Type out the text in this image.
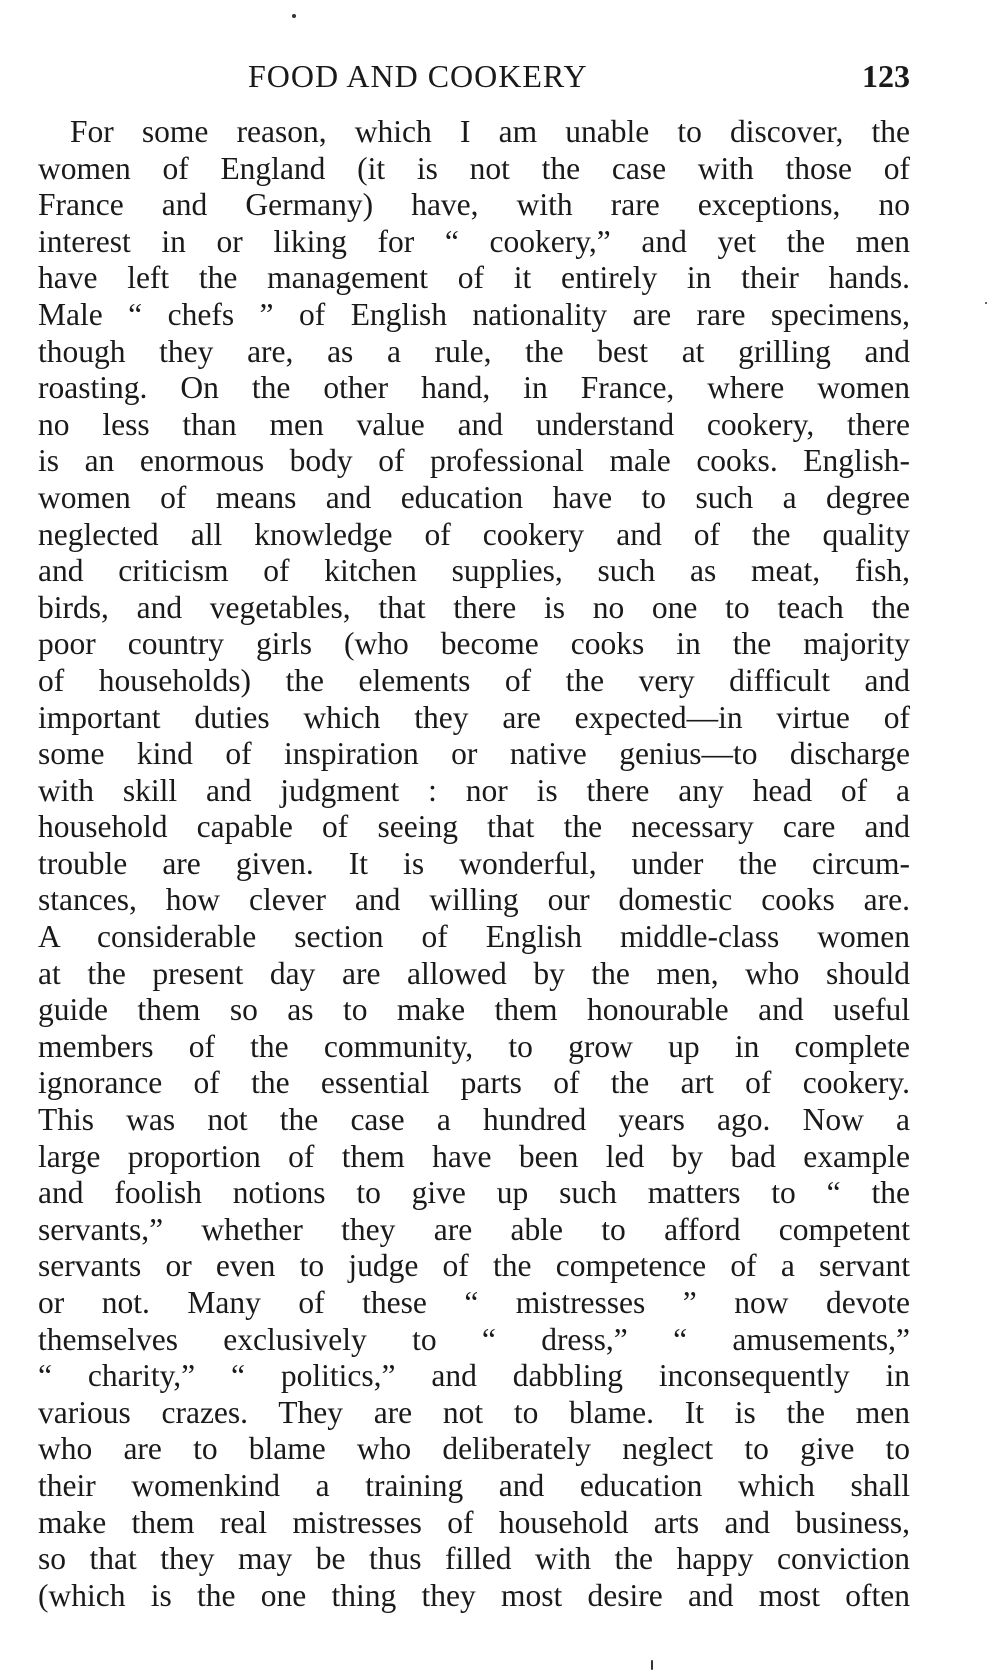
FOOD AND COOKERY	123
For some reason, which I am unable to discover, the
women of England (it is not the case with those of
France and Germany) have, with rare exceptions, no
interest in or liking for “ cookery,” and yet the men
have left the management of it entirely in their hands.
Male “ chefs ” of English nationality are rare specimens,
though they are, as a rule, the best at grilling and
roasting. On the other hand, in France, where women
no less than men value and understand cookery, there
is an enormous body of professional male cooks. English-
women of means and education have to such a degree
neglected all knowledge of cookery and of the quality
and criticism of kitchen supplies, such as meat, fish,
birds, and vegetables, that there is no one to teach the
poor country girls (who become cooks in the majority
of households) the elements of the very difficult and
important duties which they are expected—in virtue of
some kind of inspiration or native genius—to discharge
with skill and judgment : nor is there any head of a
household capable of seeing that the necessary care and
trouble are given. It is wonderful, under the circum-
stances, how clever and willing our domestic cooks are.
A considerable section of English middle-class women
at the present day are allowed by the men, who should
guide them so as to make them honourable and useful
members of the community, to grow up in complete
ignorance of the essential parts of the art of cookery.
This was not the case a hundred years ago. Now a
large proportion of them have been led by bad example
and foolish notions to give up such matters to “ the
servants,” whether they are able to afford competent
servants or even to judge of the competence of a servant
or not. Many of these “ mistresses ” now devote
themselves exclusively to “ dress,” “ amusements,”
“ charity,” “ politics,” and dabbling inconsequently in
various crazes. They are not to blame. It is the men
who are to blame who deliberately neglect to give to
their womenkind a training and education which shall
make them real mistresses of household arts and business,
so that they may be thus filled with the happy conviction
(which is the one thing they most desire and most often
